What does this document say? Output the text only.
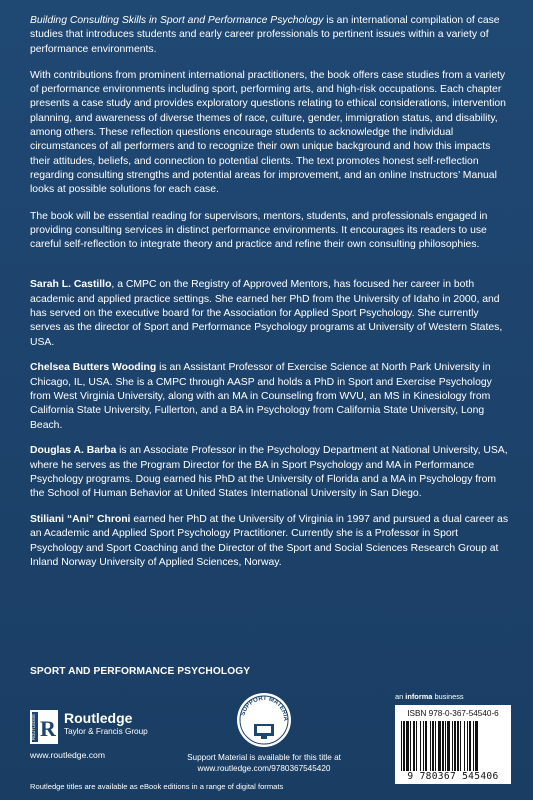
Building Consulting Skills in Sport and Performance Psychology is an international compilation of case studies that introduces students and early career professionals to pertinent issues within a variety of performance environments.

With contributions from prominent international practitioners, the book offers case studies from a variety of performance environments including sport, performing arts, and high-risk occupations. Each chapter presents a case study and provides exploratory questions relating to ethical considerations, intervention planning, and awareness of diverse themes of race, culture, gender, immigration status, and disability, among others. These reflection questions encourage students to acknowledge the individual circumstances of all performers and to recognize their own unique background and how this impacts their attitudes, beliefs, and connection to potential clients. The text promotes honest self-reflection regarding consulting strengths and potential areas for improvement, and an online Instructors’ Manual looks at possible solutions for each case.

The book will be essential reading for supervisors, mentors, students, and professionals engaged in providing consulting services in distinct performance environments. It encourages its readers to use careful self-reflection to integrate theory and practice and refine their own consulting philosophies.

Sarah L. Castillo, a CMPC on the Registry of Approved Mentors, has focused her career in both academic and applied practice settings. She earned her PhD from the University of Idaho in 2000, and has served on the executive board for the Association for Applied Sport Psychology. She currently serves as the director of Sport and Performance Psychology programs at University of Western States, USA.

Chelsea Butters Wooding is an Assistant Professor of Exercise Science at North Park University in Chicago, IL, USA. She is a CMPC through AASP and holds a PhD in Sport and Exercise Psychology from West Virginia University, along with an MA in Counseling from WVU, an MS in Kinesiology from California State University, Fullerton, and a BA in Psychology from California State University, Long Beach.

Douglas A. Barba is an Associate Professor in the Psychology Department at National University, USA, where he serves as the Program Director for the BA in Sport Psychology and MA in Performance Psychology programs. Doug earned his PhD at the University of Florida and a MA in Psychology from the School of Human Behavior at United States International University in San Diego.

Stiliani “Ani” Chroni earned her PhD at the University of Virginia in 1997 and pursued a dual career as an Academic and Applied Sport Psychology Practitioner. Currently she is a Professor in Sport Psychology and Sport Coaching and the Director of the Sport and Social Sciences Research Group at Inland Norway University of Applied Sciences, Norway.

SPORT AND PERFORMANCE PSYCHOLOGY
ROUTLEDGE R Routledge
Taylor & Francis Group
www.routledge.com
SUPPORT MATERIA
Support Material is available for this title at
www.routledge.com/9780367545420
an informa business
ISBN 978-0-367-54540-6
9 780367 545406
Routledge titles are available as eBook editions in a range of digital formats
